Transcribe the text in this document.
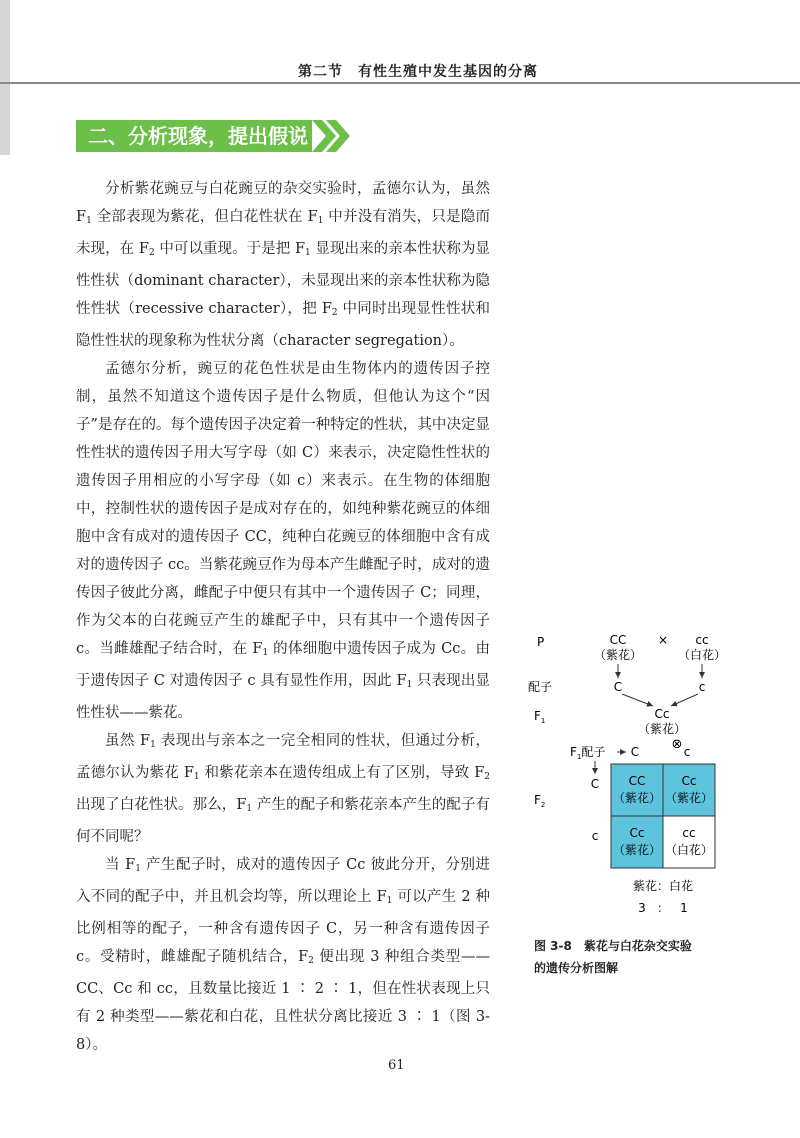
第二节　有性生殖中发生基因的分离
二、分析现象，提出假说

分析紫花豌豆与白花豌豆的杂交实验时，孟德尔认为，虽然 $F_1$ 全部表现为紫花，但白花性状在 $F_1$ 中并没有消失，只是隐而未现，在 $F_2$ 中可以重现。于是把 $F_1$ 显现出来的亲本性状称为显性性状（dominant character），未显现出来的亲本性状称为隐性性状（recessive character），把 $F_2$ 中同时出现显性性状和隐性性状的现象称为性状分离（character segregation）。

孟德尔分析，豌豆的花色性状是由生物体内的遗传因子控制，虽然不知道这个遗传因子是什么物质，但他认为这个“因子”是存在的。每个遗传因子决定着一种特定的性状，其中决定显性性状的遗传因子用大写字母（如 C）来表示，决定隐性性状的遗传因子用相应的小写字母（如 c）来表示。在生物的体细胞中，控制性状的遗传因子是成对存在的，如纯种紫花豌豆的体细胞中含有成对的遗传因子 CC，纯种白花豌豆的体细胞中含有成对的遗传因子 cc。当紫花豌豆作为母本产生雌配子时，成对的遗传因子彼此分离，雌配子中便只有其中一个遗传因子 C；同理，作为父本的白花豌豆产生的雄配子中，只有其中一个遗传因子 c。当雌雄配子结合时，在 $F_1$ 的体细胞中遗传因子成为 Cc。由于遗传因子 C 对遗传因子 c 具有显性作用，因此 $F_1$ 只表现出显性性状——紫花。

虽然 $F_1$ 表现出与亲本之一完全相同的性状，但通过分析，孟德尔认为紫花 $F_1$ 和紫花亲本在遗传组成上有了区别，导致 $F_2$ 出现了白花性状。那么，$F_1$ 产生的配子和紫花亲本产生的配子有何不同呢？

当 $F_1$ 产生配子时，成对的遗传因子 Cc 彼此分开，分别进入不同的配子中，并且机会均等，所以理论上 $F_1$ 可以产生 2 种比例相等的配子，一种含有遗传因子 C，另一种含有遗传因子 c。受精时，雌雄配子随机结合，$F_2$ 便出现 3 种组合类型——CC、Cc 和 cc，且数量比接近 1 ∶ 2 ∶ 1，但在性状表现上只有 2 种类型——紫花和白花，且性状分离比接近 3 ∶ 1（图 3-8）。

P
配子
$F_1$
$F_2$
CC
（紫花）
× cc
（白花）
C	c
Cc
（紫花）
⊗
$F_1$配子 C	c
C
c
CC
（紫花）
Cc
（紫花）
Cc
（紫花）
cc
（白花）
紫花：白花
3 ： 1
图 3-8　紫花与白花杂交实验
的遗传分析图解
61
